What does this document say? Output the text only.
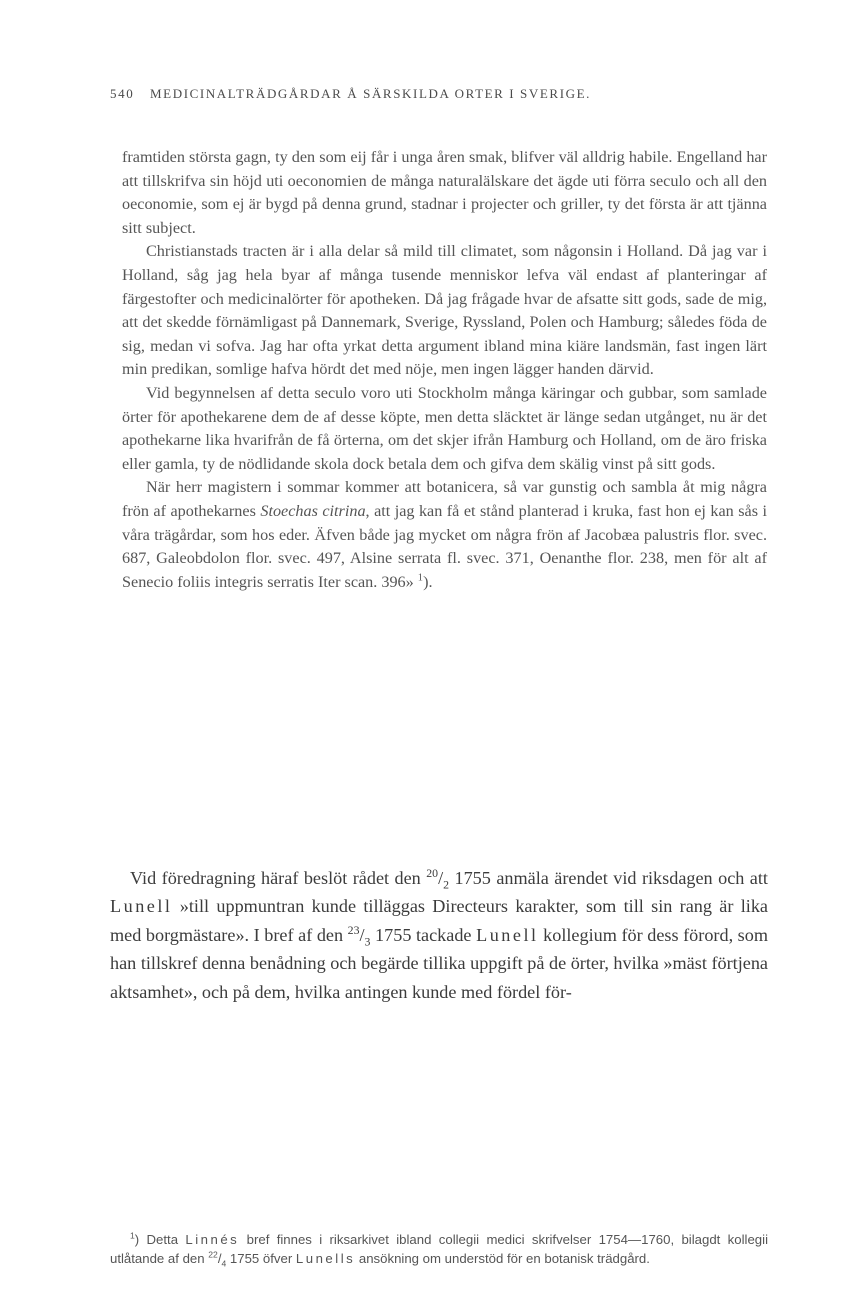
540 MEDICINALTRÄDGÅRDAR Å SÄRSKILDA ORTER I SVERIGE.

framtiden största gagn, ty den som eij får i unga åren smak, blifver väl alldrig habile. Engelland har att tillskrifva sin höjd uti oeconomien de många naturalälskare det ägde uti förra seculo och all den oeconomie, som ej är bygd på denna grund, stadnar i projecter och griller, ty det första är att tjänna sitt subject.

Christianstads tracten är i alla delar så mild till climatet, som någonsin i Holland. Då jag var i Holland, såg jag hela byar af många tusende menniskor lefva väl endast af planteringar af färgestofter och medicinalörter för apotheken. Då jag frågade hvar de afsatte sitt gods, sade de mig, att det skedde förnämligast på Dannemark, Sverige, Ryssland, Polen och Hamburg; således föda de sig, medan vi sofva. Jag har ofta yrkat detta argument ibland mina kiäre landsmän, fast ingen lärt min predikan, somlige hafva hördt det med nöje, men ingen lägger handen därvid.

Vid begynnelsen af detta seculo voro uti Stockholm många käringar och gubbar, som samlade örter för apothekarene dem de af desse köpte, men detta släcktet är länge sedan utgånget, nu är det apothekarne lika hvarifrån de få örterna, om det skjer ifrån Hamburg och Holland, om de äro friska eller gamla, ty de nödlidande skola dock betala dem och gifva dem skälig vinst på sitt gods.

När herr magistern i sommar kommer att botanicera, så var gunstig och sambla åt mig några frön af apothekarnes Stoechas citrina, att jag kan få et stånd planterad i kruka, fast hon ej kan sås i våra trägårdar, som hos eder. Äfven både jag mycket om några frön af Jacobæa palustris flor. svec. 687, Galeobdolon flor. svec. 497, Alsine serrata fl. svec. 371, Oenanthe flor. 238, men för alt af Senecio foliis integris serratis Iter scan. 396» $^1$).

Vid föredragning häraf beslöt rådet den $^{20}/_2$ 1755 anmäla ärendet vid riksdagen och att Lunell »till uppmuntran kunde tilläggas Directeurs karakter, som till sin rang är lika med borgmästare». I bref af den $^{23}/_3$ 1755 tackade Lunell kollegium för dess förord, som han tillskref denna benådning och begärde tillika uppgift på de örter, hvilka »mäst förtjena aktsamhet», och på dem, hvilka antingen kunde med fördel för-

$^1$) Detta Linnés bref finnes i riksarkivet ibland collegii medici skrifvelser 1754—1760, bilagdt kollegii utlåtande af den $^{22}/_4$ 1755 öfver Lunells ansökning om understöd för en botanisk trädgård.
